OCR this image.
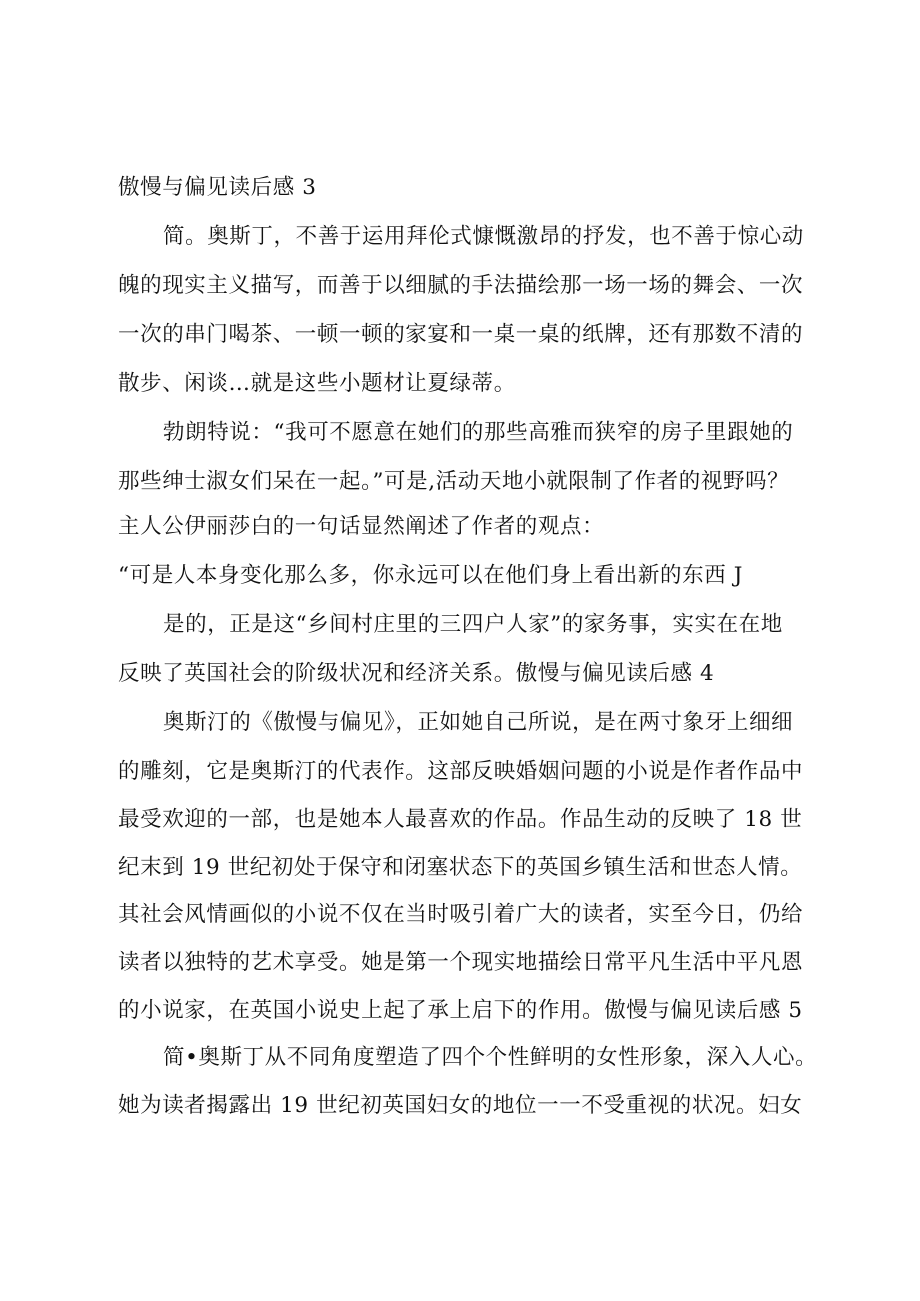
傲慢与偏见读后感 3
简。奥斯丁，不善于运用拜伦式慷慨激昂的抒发，也不善于惊心动
魄的现实主义描写，而善于以细腻的手法描绘那一场一场的舞会、一次
一次的串门喝茶、一顿一顿的家宴和一桌一桌的纸牌，还有那数不清的
散步、闲谈…就是这些小题材让夏绿蒂。
勃朗特说：“我可不愿意在她们的那些高雅而狭窄的房子里跟她的
那些绅士淑女们呆在一起。”可是,活动天地小就限制了作者的视野吗？
主人公伊丽莎白的一句话显然阐述了作者的观点：
“可是人本身变化那么多，你永远可以在他们身上看出新的东西 J
是的，正是这“乡间村庄里的三四户人家”的家务事，实实在在地
反映了英国社会的阶级状况和经济关系。傲慢与偏见读后感 4
奥斯汀的《傲慢与偏见》，正如她自己所说，是在两寸象牙上细细
的雕刻，它是奥斯汀的代表作。这部反映婚姻问题的小说是作者作品中
最受欢迎的一部，也是她本人最喜欢的作品。作品生动的反映了 18 世
纪末到 19 世纪初处于保守和闭塞状态下的英国乡镇生活和世态人情。
其社会风情画似的小说不仅在当时吸引着广大的读者，实至今日，仍给
读者以独特的艺术享受。她是第一个现实地描绘日常平凡生活中平凡恩
的小说家，在英国小说史上起了承上启下的作用。傲慢与偏见读后感 5
简•奥斯丁从不同角度塑造了四个个性鲜明的女性形象，深入人心。
她为读者揭露出 19 世纪初英国妇女的地位一一不受重视的状况。妇女
